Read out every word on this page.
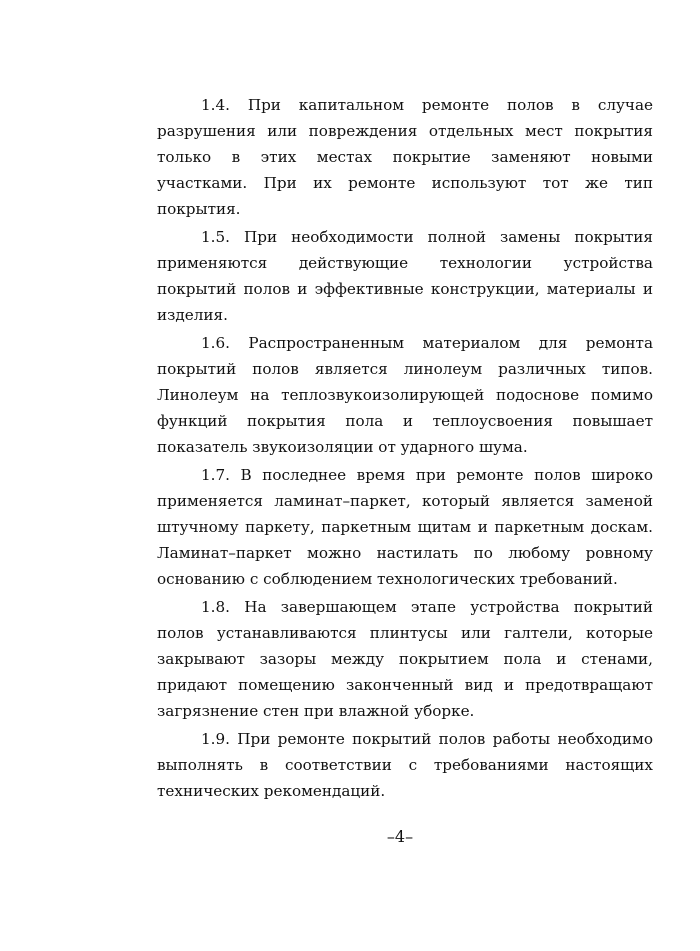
1.4. При капитальном ремонте полов в случае разрушения или повреждения отдельных мест покрытия только в этих местах покрытие заменяют новыми участками. При их ремонте используют тот же тип покрытия.

1.5. При необходимости полной замены покрытия применяются действующие технологии устройства покрытий полов и эффективные конструкции, материалы и изделия.

1.6. Распространенным материалом для ремонта покрытий полов является линолеум различных типов. Линолеум на теплозвукоизолирующей подоснове помимо функций покрытия пола и теплоусвоения повышает показатель звукоизоляции от ударного шума.

1.7. В последнее время при ремонте полов широко применяется ламинат–паркет, который является заменой штучному паркету, паркетным щитам и паркетным доскам. Ламинат–паркет можно настилать по любому ровному основанию с соблюдением технологических требований.

1.8. На завершающем этапе устройства покрытий полов устанавливаются плинтусы или галтели, которые закрывают зазоры между покрытием пола и стенами, придают помещению законченный вид и предотвращают загрязнение стен при влажной уборке.

1.9. При ремонте покрытий полов работы необходимо выполнять в соответствии с требованиями настоящих технических рекомендаций.

–4–
